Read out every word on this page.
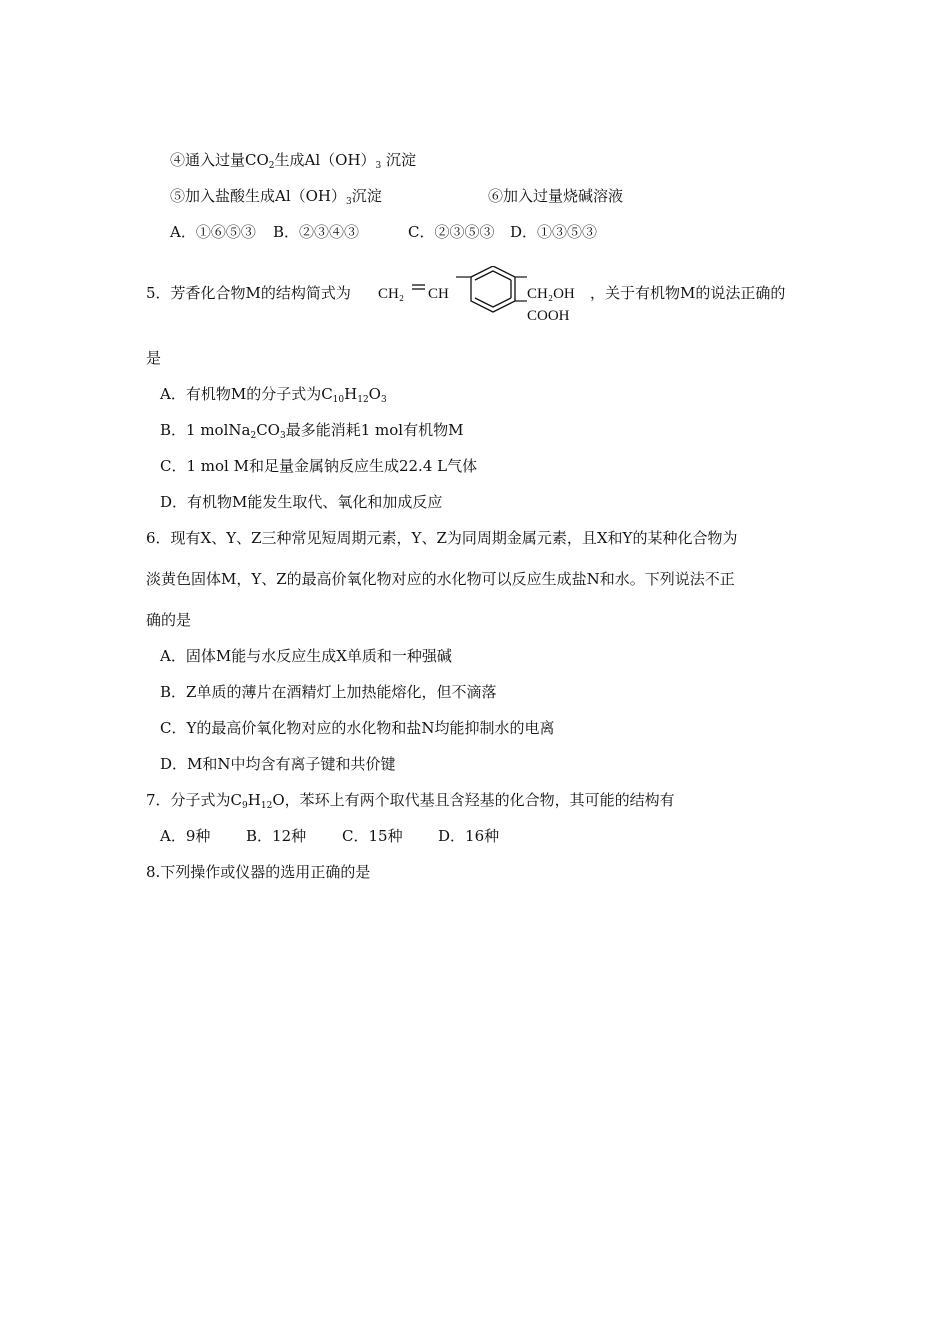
④通入过量$CO_2$生成$Al(OH)_3$ 沉淀
⑤加入盐酸生成$Al(OH)_3$沉淀	⑥加入过量烧碱溶液
A．①⑥⑤③ B．②③④③	C．②③⑤③ D．①③⑤③
5．芳香化合物M的结构简式为 CH₂ CH	CH₂OH
COOH
，关于有机物M的说法正确的
是
A．有机物M的分子式为$C_{10}H_{12}O_3$
B．1 $molNa_2CO_3$最多能消耗1 mol有机物M
C．1 mol M和足量金属钠反应生成22.4 L气体
D．有机物M能发生取代、氧化和加成反应
6．现有X、Y、Z三种常见短周期元素，Y、Z为同周期金属元素，且X和Y的某种化合物为
淡黄色固体M，Y、Z的最高价氧化物对应的水化物可以反应生成盐N和水。下列说法不正
确的是
A．固体M能与水反应生成X单质和一种强碱
B．Z单质的薄片在酒精灯上加热能熔化，但不滴落
C．Y的最高价氧化物对应的水化物和盐N均能抑制水的电离
D．M和N中均含有离子键和共价键
7．分子式为$C_9H_{12}O$，苯环上有两个取代基且含羟基的化合物，其可能的结构有
A．9种 B．12种 C．15种 D．16种
8.下列操作或仪器的选用正确的是
